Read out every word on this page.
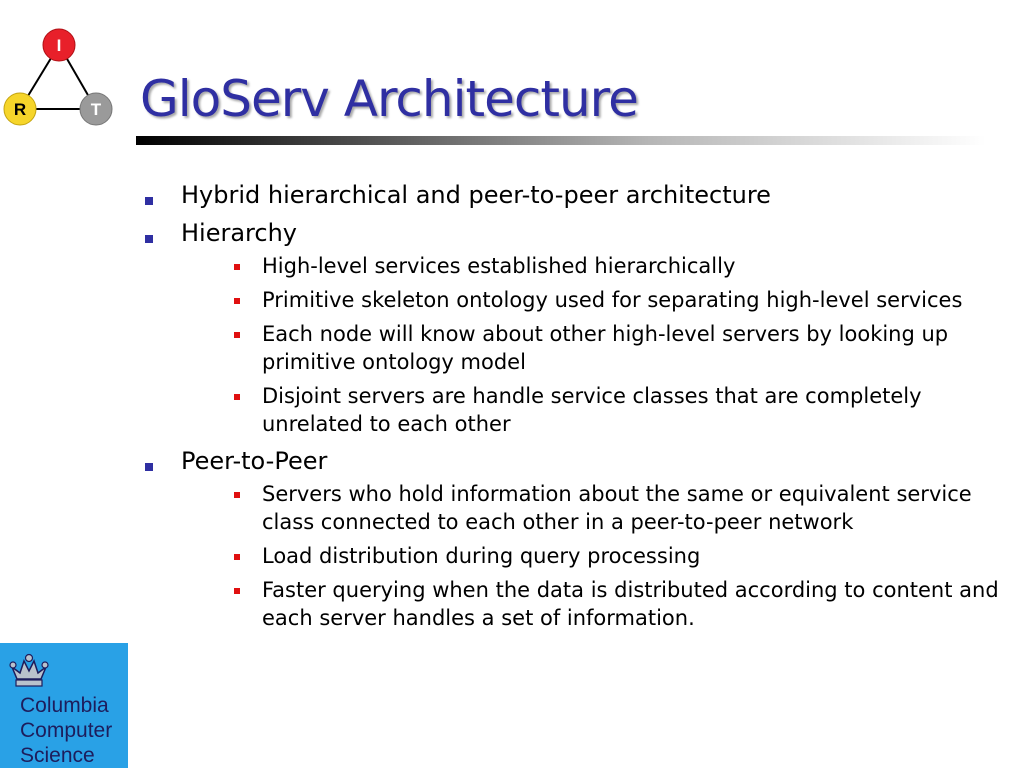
I
R	T GloServ Architecture
Hybrid hierarchical and peer-to-peer architecture
Hierarchy
High-level services established hierarchically
Primitive skeleton ontology used for separating high-level services
Each node will know about other high-level servers by looking up primitive ontology model
Disjoint servers are handle service classes that are completely unrelated to each other
Peer-to-Peer
Servers who hold information about the same or equivalent service class connected to each other in a peer-to-peer network
Load distribution during query processing
Faster querying when the data is distributed according to content and each server handles a set of information.
Columbia
Computer
Science
